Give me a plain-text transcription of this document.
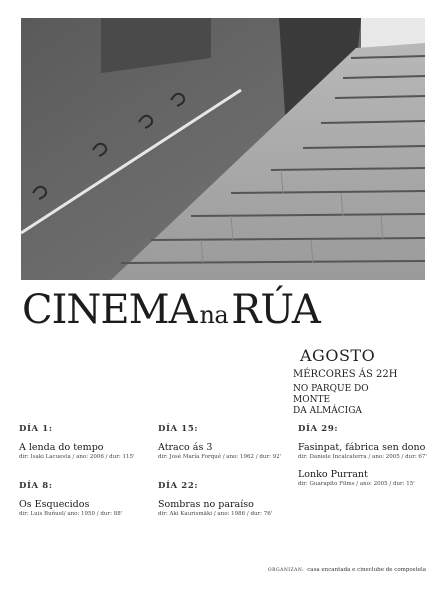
CINEMA naRÚA
AGOSTO
MÉRCORES ÁS 22H
NO PARQUE DO MONTE
DA ALMÁCIGA
DÍA 1:
A lenda do tempo
dir: Isaki Lacuesta / ano: 2006 / dur: 115'
DÍA 8:
Os Esquecidos
dir: Luis Buñuel/ ano: 1950 / dur: 88'
DÍA 15:
Atraco ás 3
dir: José María Forqué / ano: 1962 / dur: 92'
DÍA 22:
Sombras no paraíso
dir: Aki Kaurismäki / ano: 1986 / dur: 76'
DÍA 29:
Fasinpat, fábrica sen dono
dir: Daniele Incalcaterra / ano: 2005 / dur: 67'
Lonko Purrant
dir: Guarapito Films / ano: 2005 / dur: 15'
ORGANIZAN: casa encantada e cineclube de compostela
